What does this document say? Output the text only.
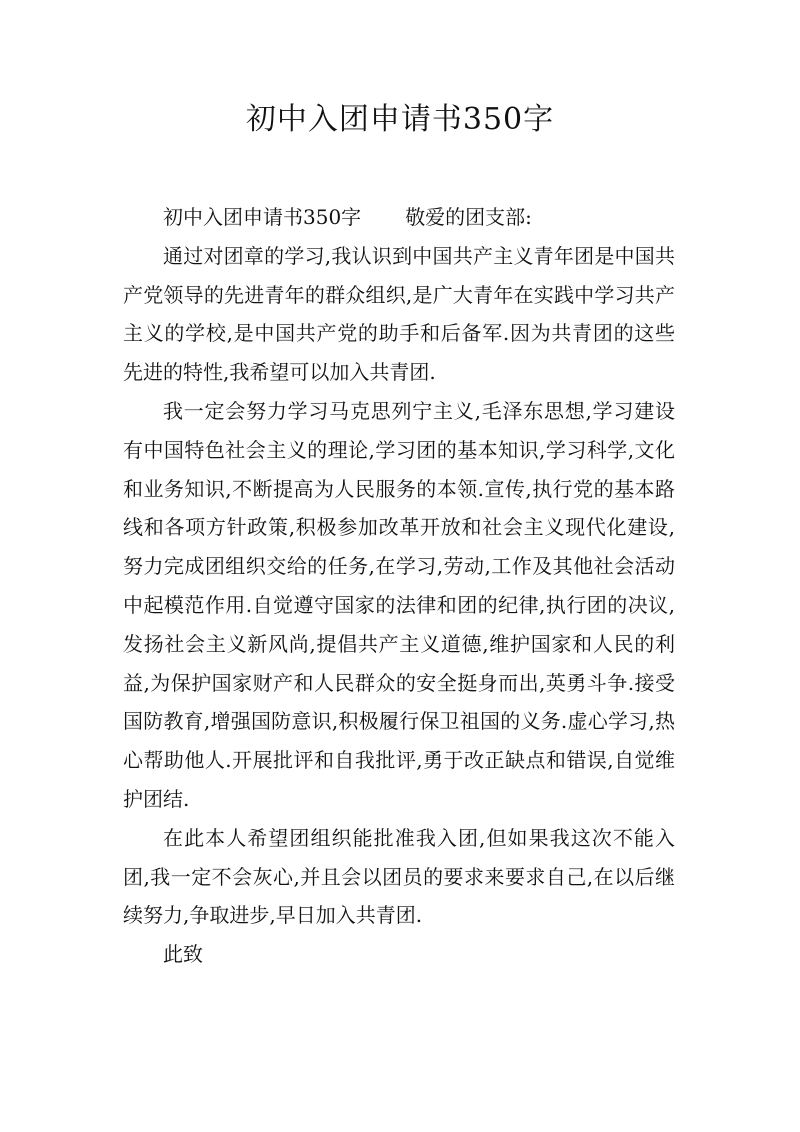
初中入团申请书350字
初中入团申请书350字 敬爱的团支部:

通过对团章的学习,我认识到中国共产主义青年团是中国共产党领导的先进青年的群众组织,是广大青年在实践中学习共产主义的学校,是中国共产党的助手和后备军.因为共青团的这些先进的特性,我希望可以加入共青团.

我一定会努力学习马克思列宁主义,毛泽东思想,学习建设有中国特色社会主义的理论,学习团的基本知识,学习科学,文化和业务知识,不断提高为人民服务的本领.宣传,执行党的基本路线和各项方针政策,积极参加改革开放和社会主义现代化建设,努力完成团组织交给的任务,在学习,劳动,工作及其他社会活动中起模范作用.自觉遵守国家的法律和团的纪律,执行团的决议,发扬社会主义新风尚,提倡共产主义道德,维护国家和人民的利益,为保护国家财产和人民群众的安全挺身而出,英勇斗争.接受国防教育,增强国防意识,积极履行保卫祖国的义务.虚心学习,热心帮助他人.开展批评和自我批评,勇于改正缺点和错误,自觉维护团结.

在此本人希望团组织能批准我入团,但如果我这次不能入团,我一定不会灰心,并且会以团员的要求来要求自己,在以后继续努力,争取进步,早日加入共青团.

此致
